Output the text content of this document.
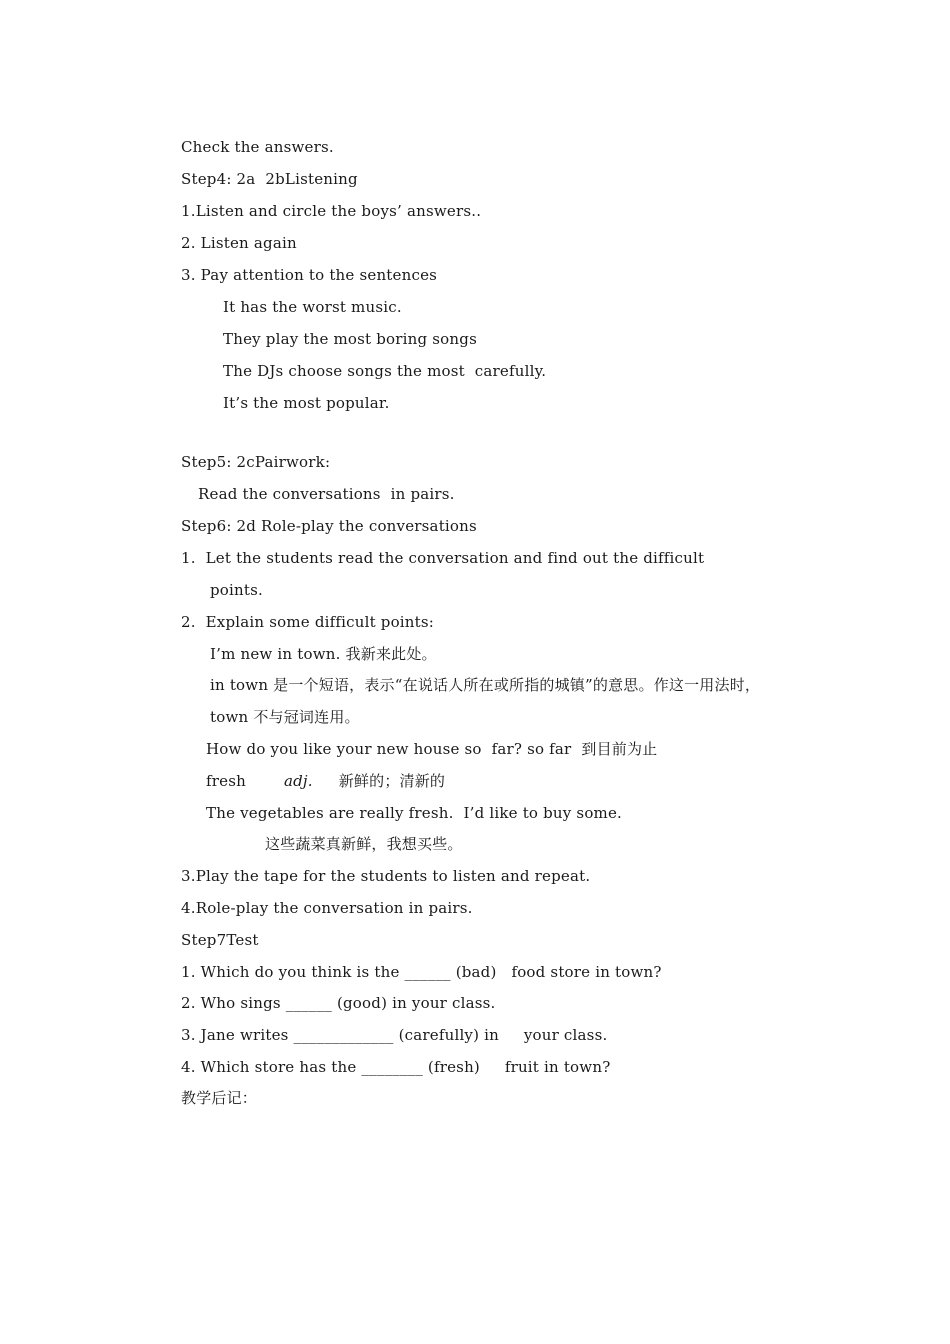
Check the answers.
Step4: 2a  2bListening
1.Listen and circle the boys’ answers..
2. Listen again
3. Pay attention to the sentences
It has the worst music.
They play the most boring songs
The DJs choose songs the most  carefully.
It’s the most popular.
Step5: 2cPairwork:
Read the conversations  in pairs.
Step6: 2d Role-play the conversations
1.  Let the students read the conversation and find out the difficult
points.
2.  Explain some difficult points:
I’m new in town. 我新来此处。
in town 是一个短语，表示“在说话人所在或所指的城镇”的意思。作这一用法时，
town 不与冠词连用。
How do you like your new house so  far? so far  到目前为止
fresh	adj. 新鲜的；清新的
The vegetables are really fresh.  I’d like to buy some.
这些蔬菜真新鲜，我想买些。
3.Play the tape for the students to listen and repeat.
4.Role-play the conversation in pairs.
Step7Test
1. Which do you think is the ______ (bad)   food store in town?
2. Who sings ______ (good) in your class.
3. Jane writes _____________ (carefully) in     your class.
4. Which store has the ________ (fresh)     fruit in town?
教学后记：
